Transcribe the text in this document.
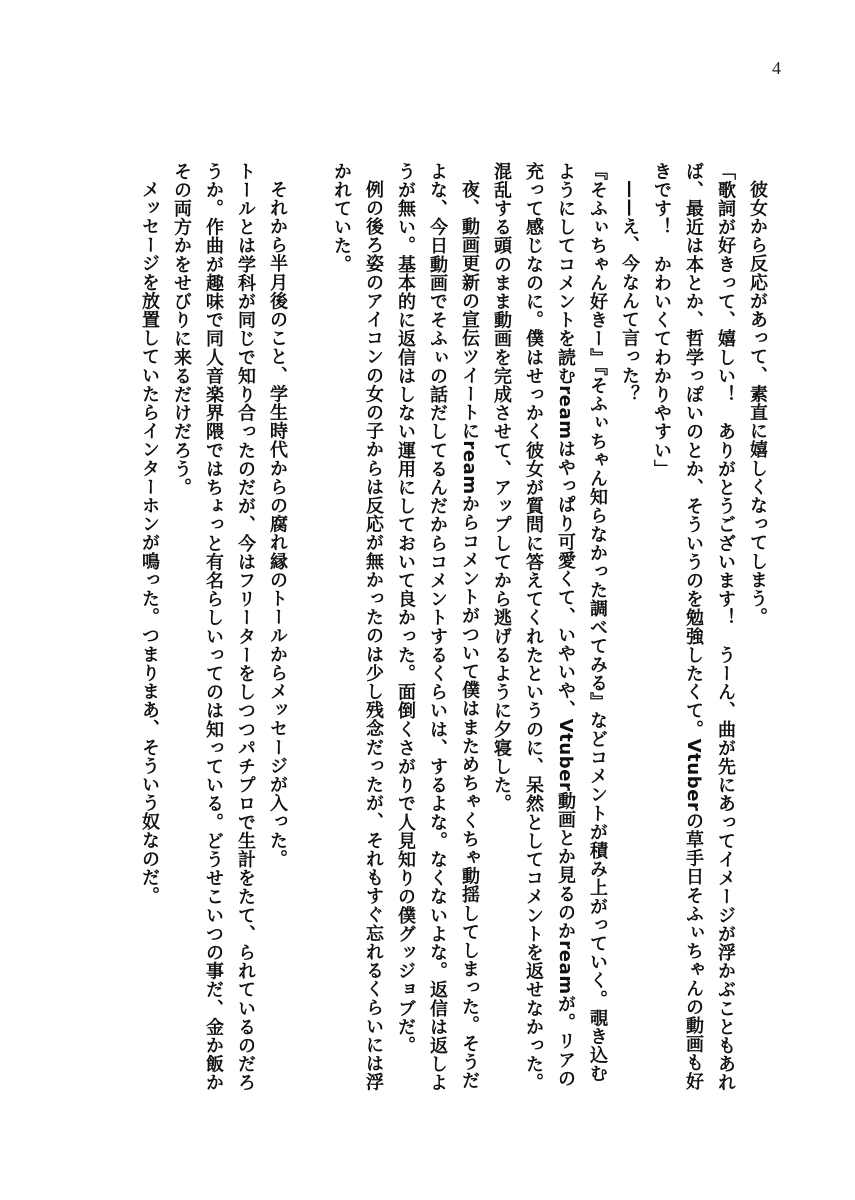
4

彼女から反応があって、素直に嬉しくなってしまう。

「歌詞が好きって、嬉しい！　ありがとうございます！　うーん、曲が先にあってイメージが浮かぶこともあれば、最近は本とか、哲学っぽいのとか、そういうのを勉強したくて。Vtuberの草手日そふぃちゃんの動画も好きです！　かわいくてわかりやすい」

——え、今なんて言った？

『そふぃちゃん好きー』『そふぃちゃん知らなかった調べてみる』などコメントが積み上がっていく。覗き込むようにしてコメントを読むreamはやっぱり可愛くて、いやいや、Vtuber動画とか見るのかreamが。リアの充って感じなのに。僕はせっかく彼女が質問に答えてくれたというのに、呆然としてコメントを返せなかった。混乱する頭のまま動画を完成させて、アップしてから逃げるように夕寝した。

夜、動画更新の宣伝ツイートにreamからコメントがついて僕はまためちゃくちゃ動揺してしまった。そうだよな、今日動画でそふぃの話だしてるんだからコメントするくらいは、するよな。なくないよな。返信は返しようが無い。基本的に返信はしない運用にしておいて良かった。面倒くさがりで人見知りの僕グッジョブだ。

例の後ろ姿のアイコンの女の子からは反応が無かったのは少し残念だったが、それもすぐ忘れるくらいには浮かれていた。

それから半月後のこと、学生時代からの腐れ縁のトールからメッセージが入った。

トールとは学科が同じで知り合ったのだが、今はフリーターをしつつパチプロで生計をたて、られているのだろうか。作曲が趣味で同人音楽界隈ではちょっと有名らしいってのは知っている。どうせこいつの事だ、金か飯かその両方かをせびりに来るだけだろう。

メッセージを放置していたらインターホンが鳴った。つまりまあ、そういう奴なのだ。
